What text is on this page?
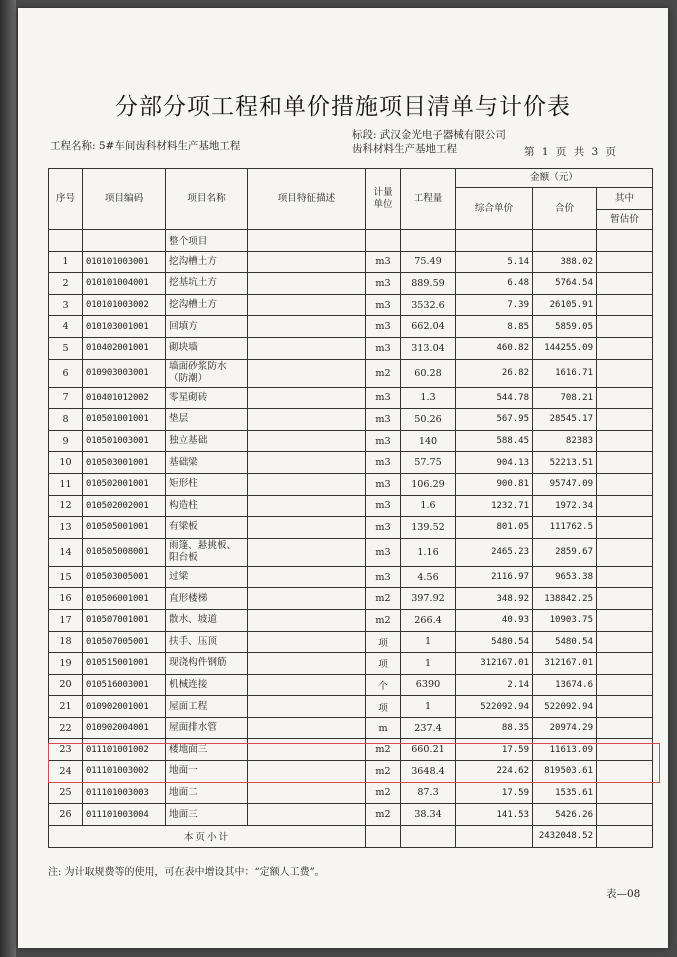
分部分项工程和单价措施项目清单与计价表
工程名称: 5#车间齿科材料生产基地工程
标段: 武汉金光电子器械有限公司齿科材料生产基地工程	第 1 页 共 3 页
序号	项目编码	项目名称	项目特征描述	计量单位	工程量	金额（元）		
						综合单价	合价	其中
								暂估价
		整个项目						
1	010101003001	挖沟槽土方		m3	75.49	5.14	388.02	
2	010101004001	挖基坑土方		m3	889.59	6.48	5764.54	
3	010101003002	挖沟槽土方		m3	3532.6	7.39	26105.91	
4	010103001001	回填方		m3	662.04	8.85	5859.05	
5	010402001001	砌块墙		m3	313.04	460.82	144255.09	
6	010903003001	墙面砂浆防水（防潮）		m2	60.28	26.82	1616.71	
7	010401012002	零星砌砖		m3	1.3	544.78	708.21	
8	010501001001	垫层		m3	50.26	567.95	28545.17	
9	010501003001	独立基础		m3	140	588.45	82383	
10	010503001001	基础梁		m3	57.75	904.13	52213.51	
11	010502001001	矩形柱		m3	106.29	900.81	95747.09	
12	010502002001	构造柱		m3	1.6	1232.71	1972.34	
13	010505001001	有梁板		m3	139.52	801.05	111762.5	
14	010505008001	雨篷、悬挑板、阳台板		m3	1.16	2465.23	2859.67	
15	010503005001	过梁		m3	4.56	2116.97	9653.38	
16	010506001001	直形楼梯		m2	397.92	348.92	138842.25	
17	010507001001	散水、坡道		m2	266.4	40.93	10903.75	
18	010507005001	扶手、压顶		项	1	5480.54	5480.54	
19	010515001001	现浇构件钢筋		项	1	312167.01	312167.01	
20	010516003001	机械连接		个	6390	2.14	13674.6	
21	010902001001	屋面工程		项	1	522092.94	522092.94	
22	010902004001	屋面排水管		m	237.4	88.35	20974.29	
23	011101001002	楼地面三		m2	660.21	17.59	11613.09	
24	011101003002	地面一		m2	3648.4	224.62	819503.61	
25	011101003003	地面二		m2	87.3	17.59	1535.61	
26	011101003004	地面三		m2	38.34	141.53	5426.26	
本页小计							2432048.52	
注: 为计取规费等的使用，可在表中增设其中：“定额人工费”。
表—08
